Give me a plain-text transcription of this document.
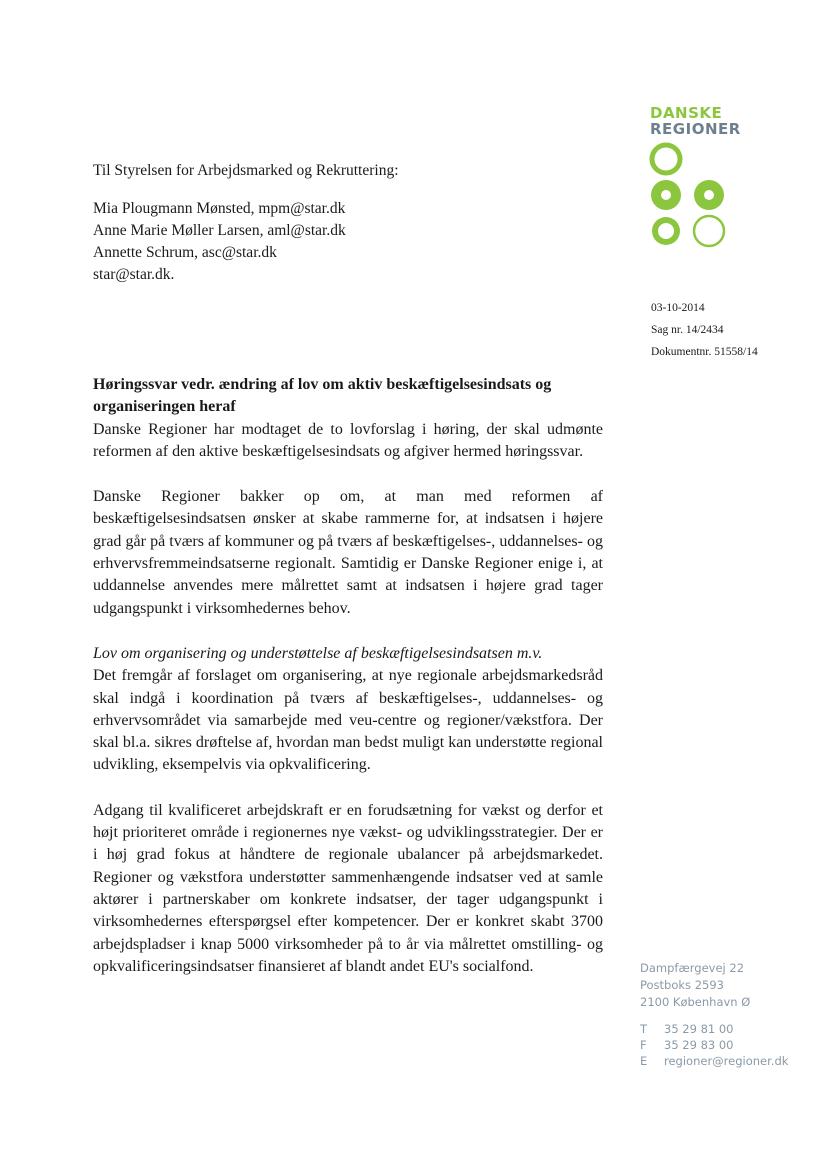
DANSKE
REGIONER
Til Styrelsen for Arbejdsmarked og Rekruttering:
Mia Plougmann Mønsted, mpm@star.dk
Anne Marie Møller Larsen, aml@star.dk
Annette Schrum, asc@star.dk
star@star.dk.
03-10-2014
Sag nr. 14/2434
Dokumentnr. 51558/14

Høringssvar vedr. ændring af lov om aktiv beskæftigelsesindsats og organiseringen heraf

Danske Regioner har modtaget de to lovforslag i høring, der skal udmønte reformen af den aktive beskæftigelsesindsats og afgiver hermed høringssvar.

Danske Regioner bakker op om, at man med reformen af beskæftigelsesindsatsen ønsker at skabe rammerne for, at indsatsen i højere grad går på tværs af kommuner og på tværs af beskæftigelses-, uddannelses- og erhvervsfremmeindsatserne regionalt. Samtidig er Danske Regioner enige i, at uddannelse anvendes mere målrettet samt at indsatsen i højere grad tager udgangspunkt i virksomhedernes behov.

Lov om organisering og understøttelse af beskæftigelsesindsatsen m.v.

Det fremgår af forslaget om organisering, at nye regionale arbejdsmarkedsråd skal indgå i koordination på tværs af beskæftigelses-, uddannelses- og erhvervsområdet via samarbejde med veu-centre og regioner/vækstfora. Der skal bl.a. sikres drøftelse af, hvordan man bedst muligt kan understøtte regional udvikling, eksempelvis via opkvalificering.

Adgang til kvalificeret arbejdskraft er en forudsætning for vækst og derfor et højt prioriteret område i regionernes nye vækst- og udviklingsstrategier. Der er i høj grad fokus at håndtere de regionale ubalancer på arbejdsmarkedet. Regioner og vækstfora understøtter sammenhængende indsatser ved at samle aktører i partnerskaber om konkrete indsatser, der tager udgangspunkt i virksomhedernes efterspørgsel efter kompetencer. Der er konkret skabt 3700 arbejdspladser i knap 5000 virksomheder på to år via målrettet omstilling- og opkvalificeringsindsatser finansieret af blandt andet EU's socialfond.	Dampfærgevej 22
Postboks 2593
2100 København Ø
T	35 29 81 00
F	35 29 83 00
E	regioner@regioner.dk
